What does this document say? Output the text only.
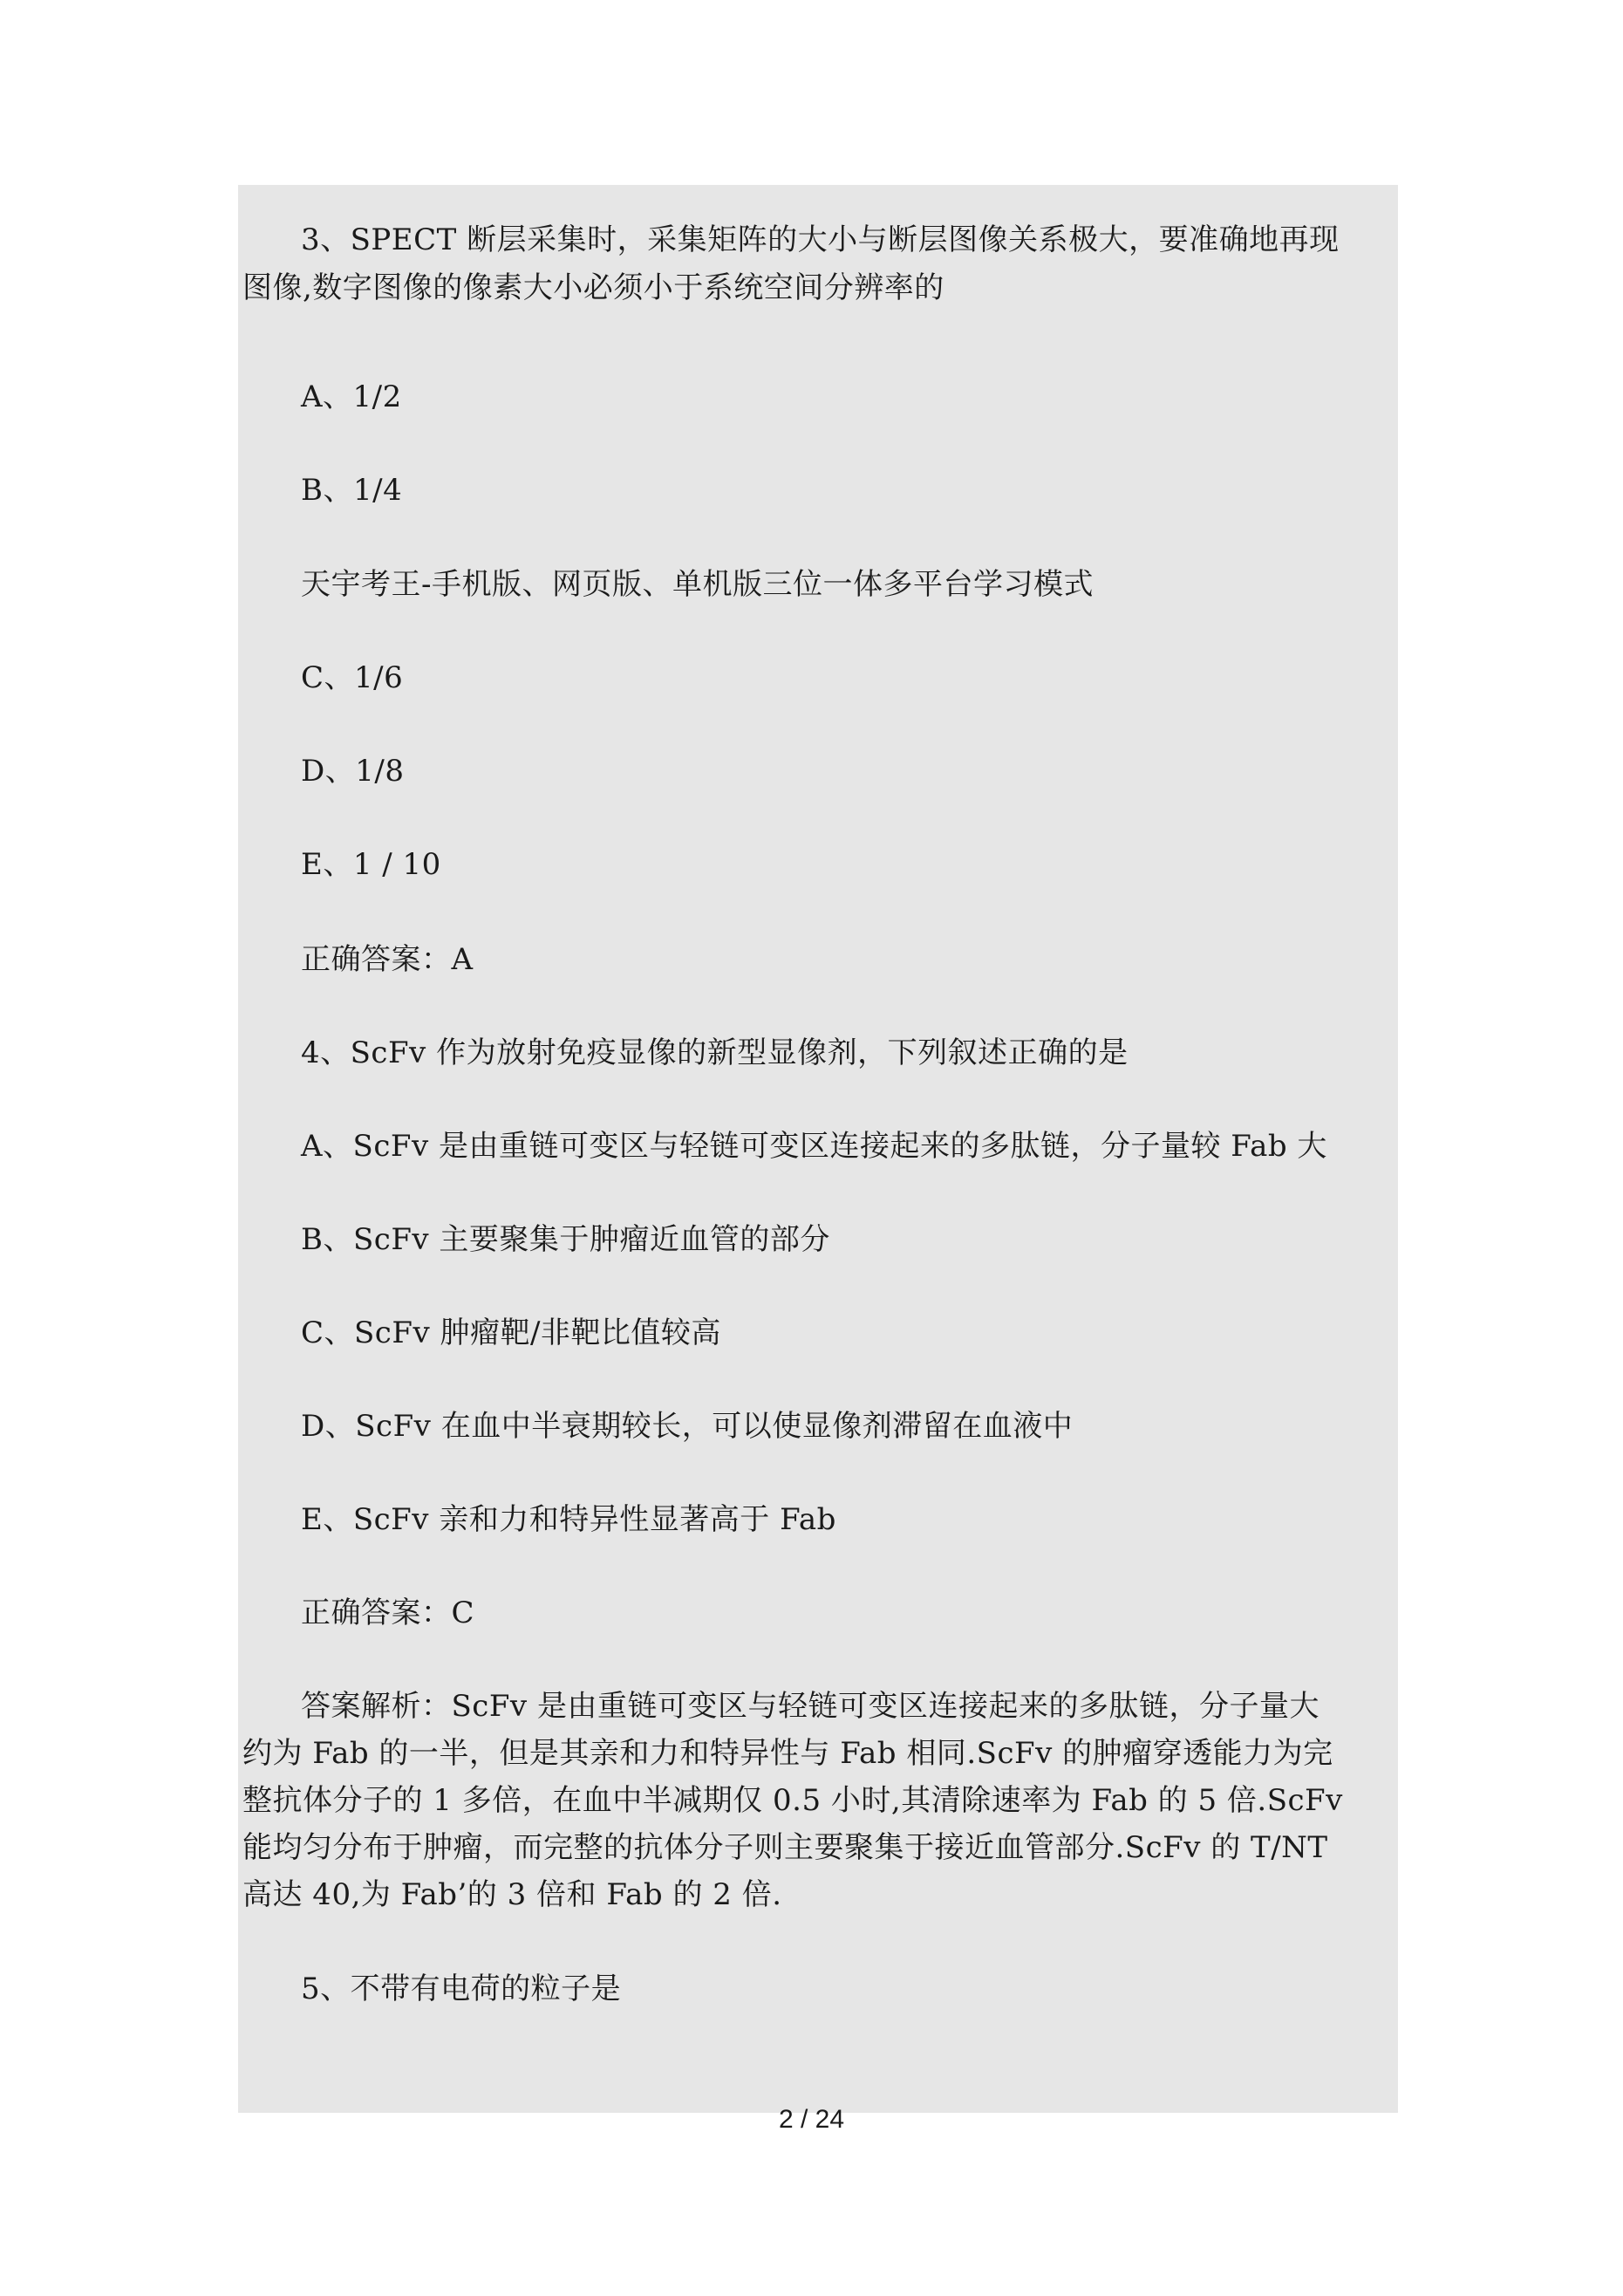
3、SPECT 断层采集时，采集矩阵的大小与断层图像关系极大，要准确地再现
图像,数字图像的像素大小必须小于系统空间分辨率的
A、1/2
B、1/4
天宇考王-手机版、网页版、单机版三位一体多平台学习模式
C、1/6
D、1/8
E、1 / 10
正确答案：A
4、ScFv 作为放射免疫显像的新型显像剂，下列叙述正确的是
A、ScFv 是由重链可变区与轻链可变区连接起来的多肽链，分子量较 Fab 大
B、ScFv 主要聚集于肿瘤近血管的部分
C、ScFv 肿瘤靶/非靶比值较高
D、ScFv 在血中半衰期较长，可以使显像剂滞留在血液中
E、ScFv 亲和力和特异性显著高于 Fab
正确答案：C
答案解析：ScFv 是由重链可变区与轻链可变区连接起来的多肽链，分子量大
约为 Fab 的一半，但是其亲和力和特异性与 Fab 相同.ScFv 的肿瘤穿透能力为完
整抗体分子的 1 多倍，在血中半减期仅 0.5 小时,其清除速率为 Fab 的 5 倍.ScFv
能均匀分布于肿瘤，而完整的抗体分子则主要聚集于接近血管部分.ScFv 的 T/NT
高达 40,为 Fab’的 3 倍和 Fab 的 2 倍.
5、不带有电荷的粒子是
2 / 24
